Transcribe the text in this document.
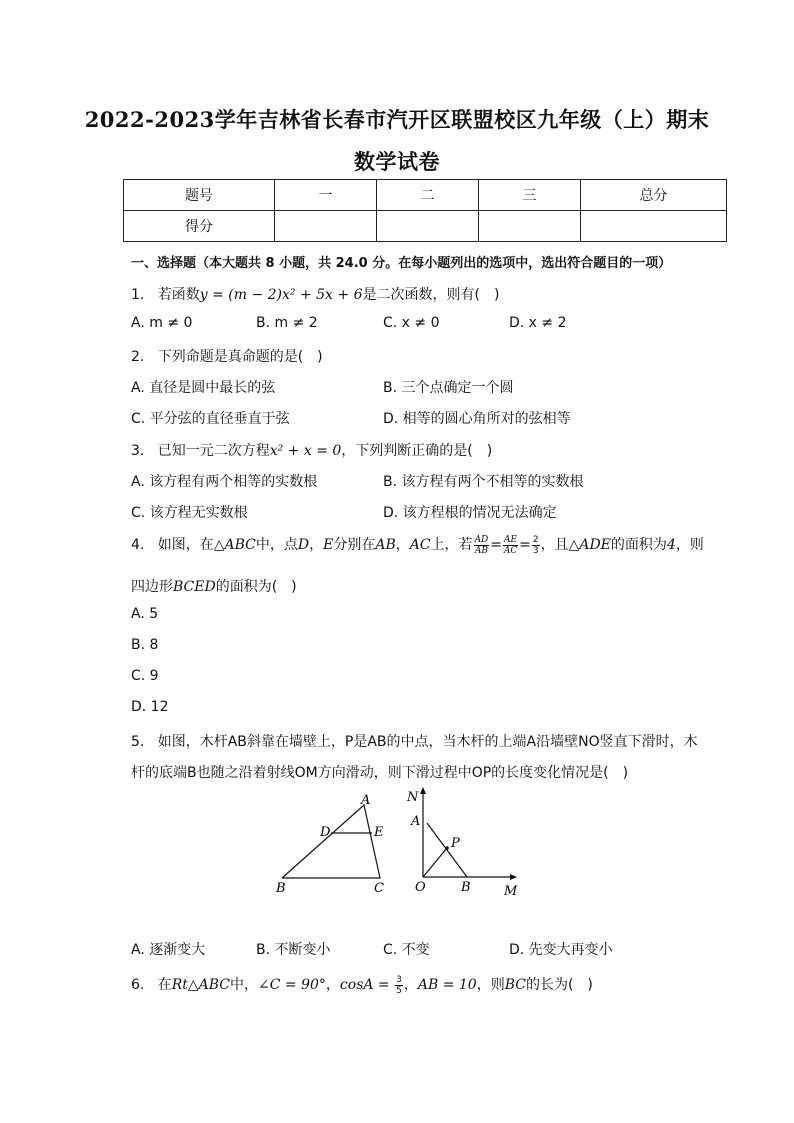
2022-2023学年吉林省长春市汽开区联盟校区九年级（上）期末
数学试卷
题号	一	二	三	总分
得分				
一、选择题（本大题共 8 小题，共 24.0 分。在每小题列出的选项中，选出符合题目的一项）
1. 若函数y = (m − 2)x² + 5x + 6是二次函数，则有(　)
A. m ≠ 0	B. m ≠ 2	C. x ≠ 0	D. x ≠ 2
2. 下列命题是真命题的是(　)
A. 直径是圆中最长的弦	B. 三个点确定一个圆
C. 平分弦的直径垂直于弦	D. 相等的圆心角所对的弦相等
3. 已知一元二次方程x² + x = 0，下列判断正确的是(　)
A. 该方程有两个相等的实数根	B. 该方程有两个不相等的实数根
C. 该方程无实数根	D. 该方程根的情况无法确定
4. 如图，在△ABC中，点D，E分别在AB，AC上，若 $\frac{AD}{AB} = \frac{AE}{AC} = \frac{2}{3}$ ，且△ADE的面积为4，则
四边形BCED的面积为(　)
A. 5
B. 8
C. 9
D. 12
5. 如图，木杆AB斜靠在墙壁上，P是AB的中点，当木杆的上端A沿墙壁NO竖直下滑时，木
杆的底端B也随之沿着射线OM方向滑动，则下滑过程中OP的长度变化情况是(　)
A
D	E
B	C
N
A
P
O	B	M
A. 逐渐变大	B. 不断变小	C. 不变	D. 先变大再变小
6. 在Rt△ABC中，∠C = 90°，$\cos A = \frac{3}{5}$ ，AB = 10，则BC的长为(　)
